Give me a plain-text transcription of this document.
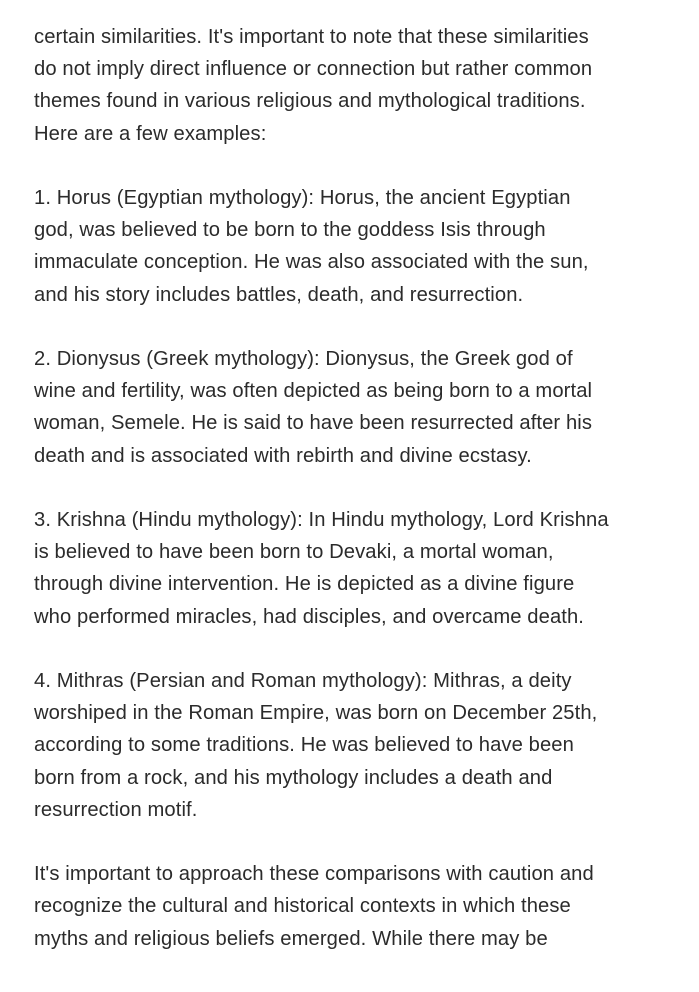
certain similarities. It's important to note that these similarities
do not imply direct influence or connection but rather common
themes found in various religious and mythological traditions.
Here are a few examples:

1. Horus (Egyptian mythology): Horus, the ancient Egyptian
god, was believed to be born to the goddess Isis through
immaculate conception. He was also associated with the sun,
and his story includes battles, death, and resurrection.

2. Dionysus (Greek mythology): Dionysus, the Greek god of
wine and fertility, was often depicted as being born to a mortal
woman, Semele. He is said to have been resurrected after his
death and is associated with rebirth and divine ecstasy.

3. Krishna (Hindu mythology): In Hindu mythology, Lord Krishna
is believed to have been born to Devaki, a mortal woman,
through divine intervention. He is depicted as a divine figure
who performed miracles, had disciples, and overcame death.

4. Mithras (Persian and Roman mythology): Mithras, a deity
worshiped in the Roman Empire, was born on December 25th,
according to some traditions. He was believed to have been
born from a rock, and his mythology includes a death and
resurrection motif.

It's important to approach these comparisons with caution and
recognize the cultural and historical contexts in which these
myths and religious beliefs emerged. While there may be
